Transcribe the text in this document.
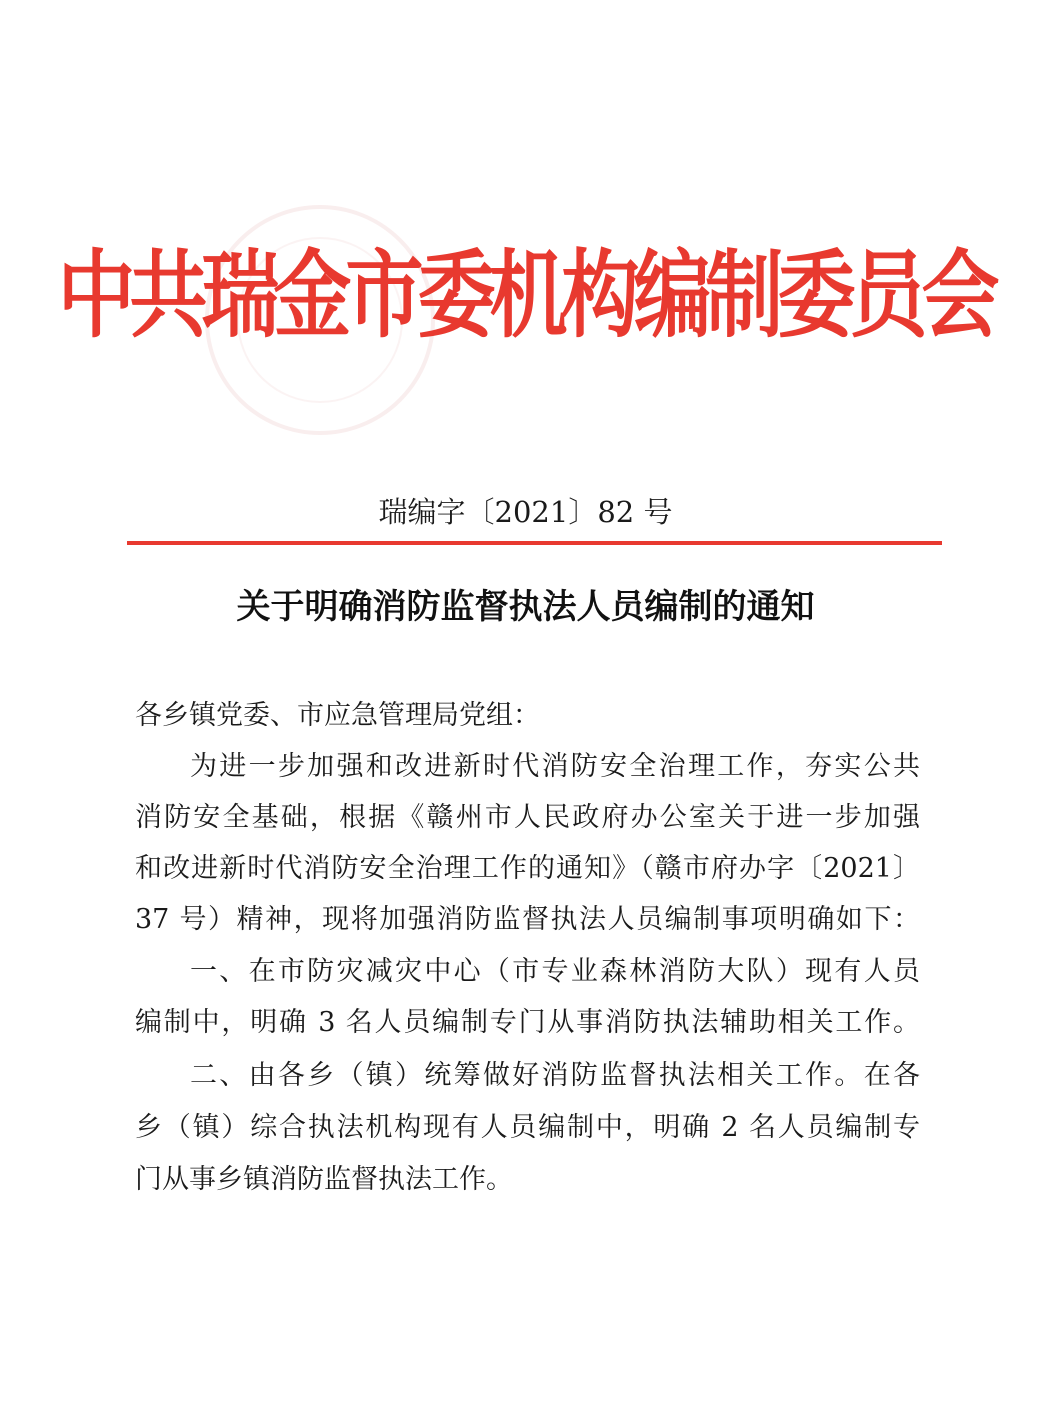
中共瑞金市委机构编制委员会
瑞编字〔2021〕82 号
关于明确消防监督执法人员编制的通知
各乡镇党委、市应急管理局党组：
为进一步加强和改进新时代消防安全治理工作，夯实公共
消防安全基础，根据《赣州市人民政府办公室关于进一步加强
和改进新时代消防安全治理工作的通知》（赣市府办字〔2021〕
37 号）精神，现将加强消防监督执法人员编制事项明确如下：
一、在市防灾减灾中心（市专业森林消防大队）现有人员
编制中，明确 3 名人员编制专门从事消防执法辅助相关工作。
二、由各乡（镇）统筹做好消防监督执法相关工作。在各
乡（镇）综合执法机构现有人员编制中，明确 2 名人员编制专
门从事乡镇消防监督执法工作。
